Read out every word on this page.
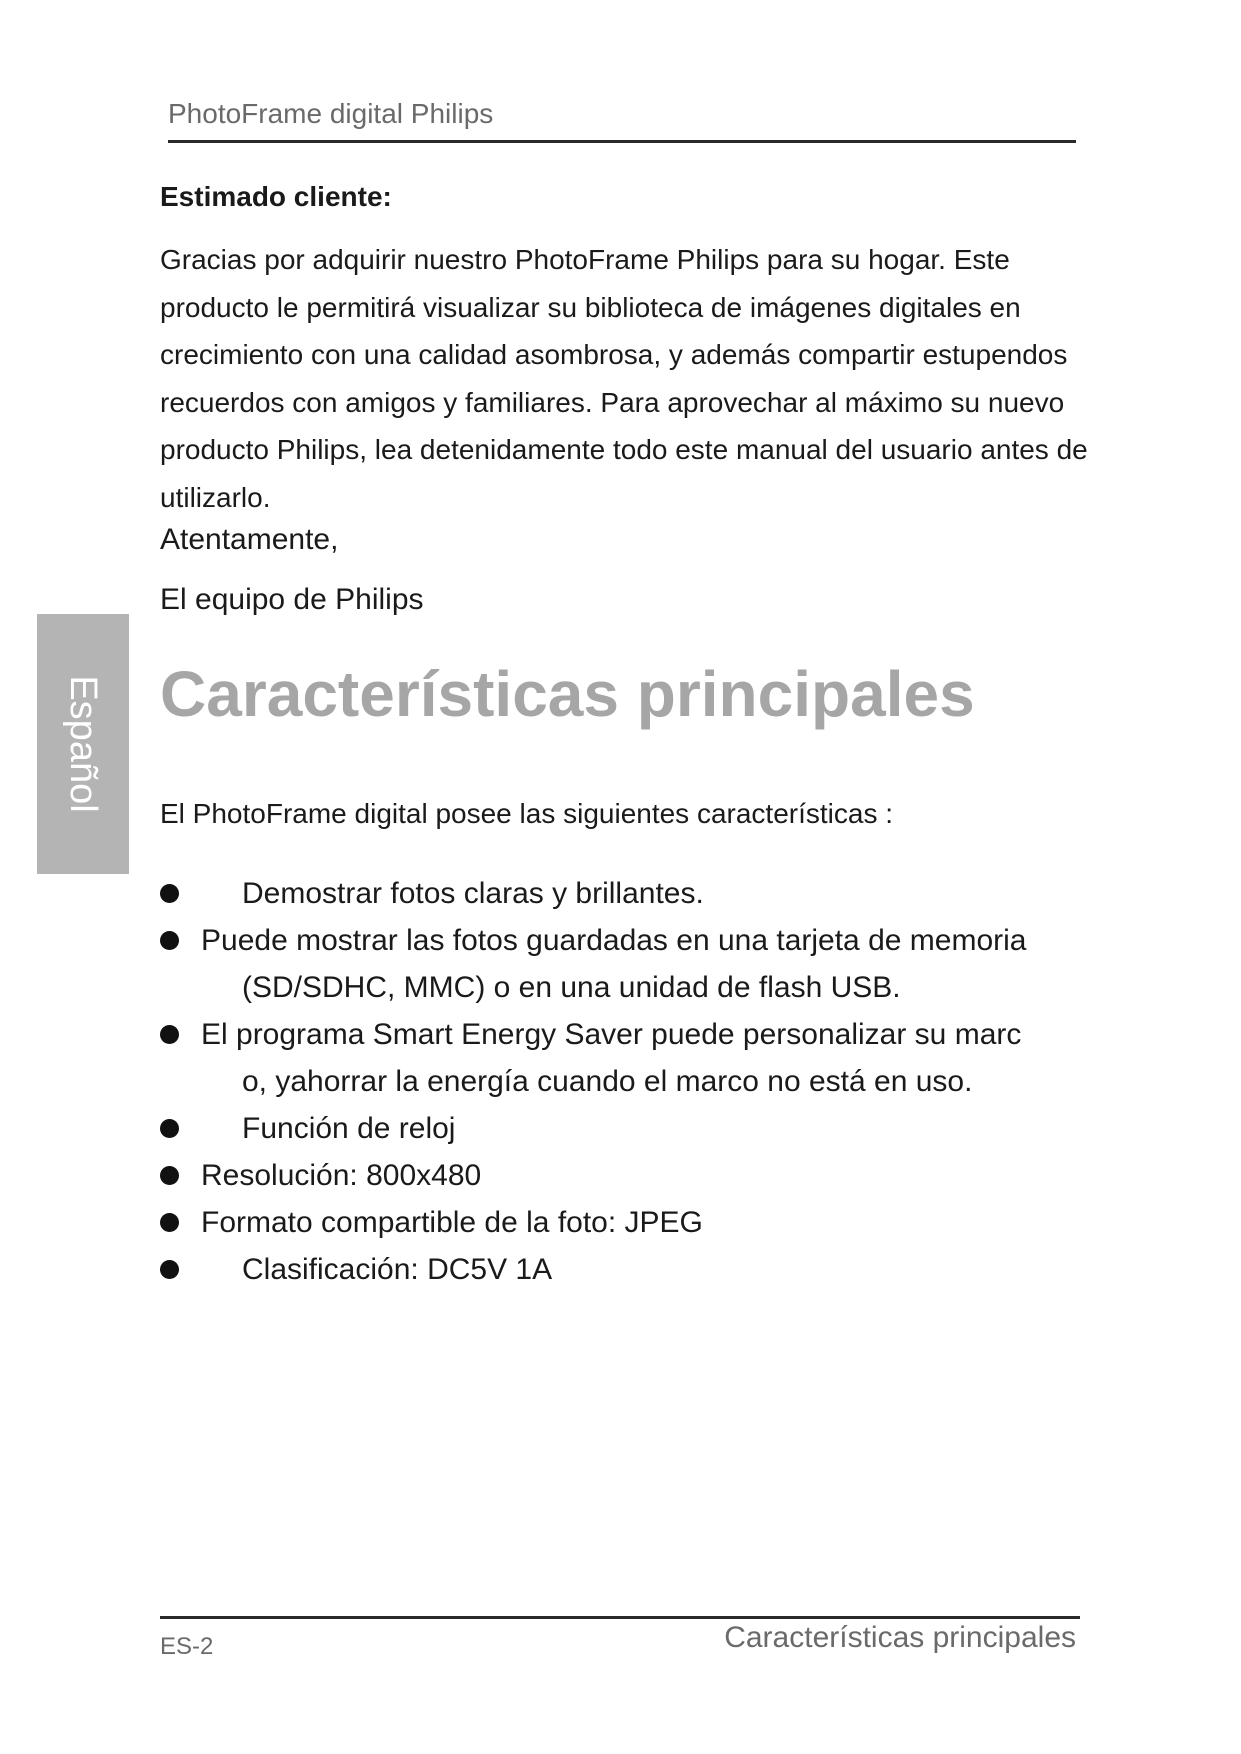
PhotoFrame digital Philips
Estimado cliente:

Gracias por adquirir nuestro PhotoFrame Philips para su hogar. Este producto le permitirá visualizar su biblioteca de imágenes digitales en crecimiento con una calidad asombrosa, y además compartir estupendos recuerdos con amigos y familiares. Para aprovechar al máximo su nuevo producto Philips, lea detenidamente todo este manual del usuario antes de utilizarlo.

Atentamente,
El equipo de Philips
Español Características principales
El PhotoFrame digital posee las siguientes características :
Demostrar fotos claras y brillantes.
Puede mostrar las fotos guardadas en una tarjeta de memoria
(SD/SDHC, MMC) o en una unidad de flash USB.
El programa Smart Energy Saver puede personalizar su marc
o, yahorrar la energía cuando el marco no está en uso.
Función de reloj
Resolución: 800x480
Formato compartible de la foto: JPEG
Clasificación: DC5V 1A
ES-2	Características principales
